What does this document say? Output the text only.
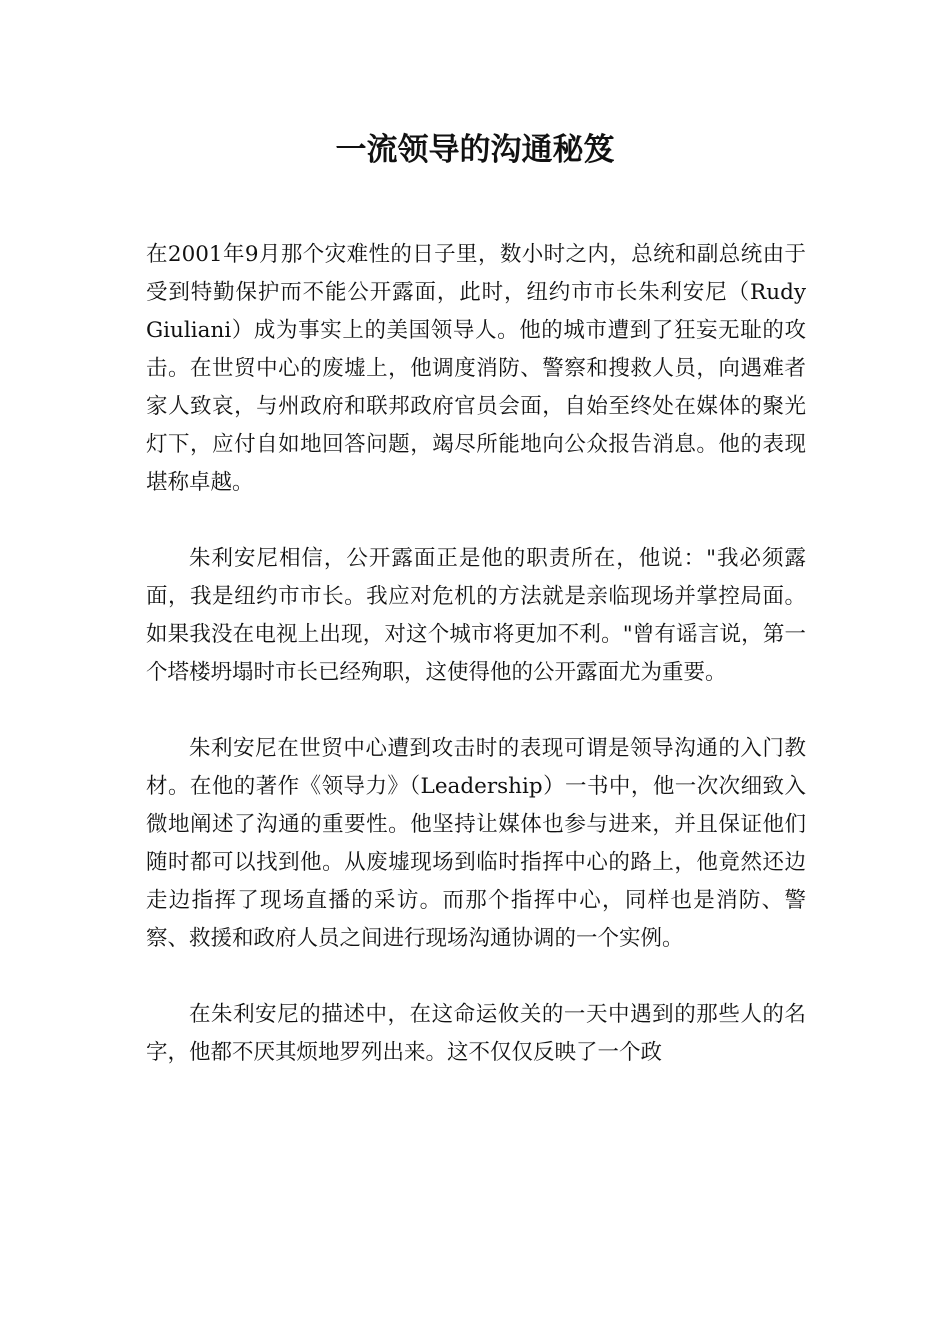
一流领导的沟通秘笈

在2001年9月那个灾难性的日子里，数小时之内，总统和副总统由于受到特勤保护而不能公开露面，此时，纽约市市长朱利安尼（Rudy Giuliani）成为事实上的美国领导人。他的城市遭到了狂妄无耻的攻击。在世贸中心的废墟上，他调度消防、警察和搜救人员，向遇难者家人致哀，与州政府和联邦政府官员会面，自始至终处在媒体的聚光灯下，应付自如地回答问题，竭尽所能地向公众报告消息。他的表现堪称卓越。

朱利安尼相信，公开露面正是他的职责所在，他说："我必须露面，我是纽约市市长。我应对危机的方法就是亲临现场并掌控局面。如果我没在电视上出现，对这个城市将更加不利。"曾有谣言说，第一个塔楼坍塌时市长已经殉职，这使得他的公开露面尤为重要。

朱利安尼在世贸中心遭到攻击时的表现可谓是领导沟通的入门教材。在他的著作《领导力》（Leadership）一书中，他一次次细致入微地阐述了沟通的重要性。他坚持让媒体也参与进来，并且保证他们随时都可以找到他。从废墟现场到临时指挥中心的路上，他竟然还边走边指挥了现场直播的采访。而那个指挥中心，同样也是消防、警察、救援和政府人员之间进行现场沟通协调的一个实例。

在朱利安尼的描述中，在这命运攸关的一天中遇到的那些人的名字，他都不厌其烦地罗列出来。这不仅仅反映了一个政
